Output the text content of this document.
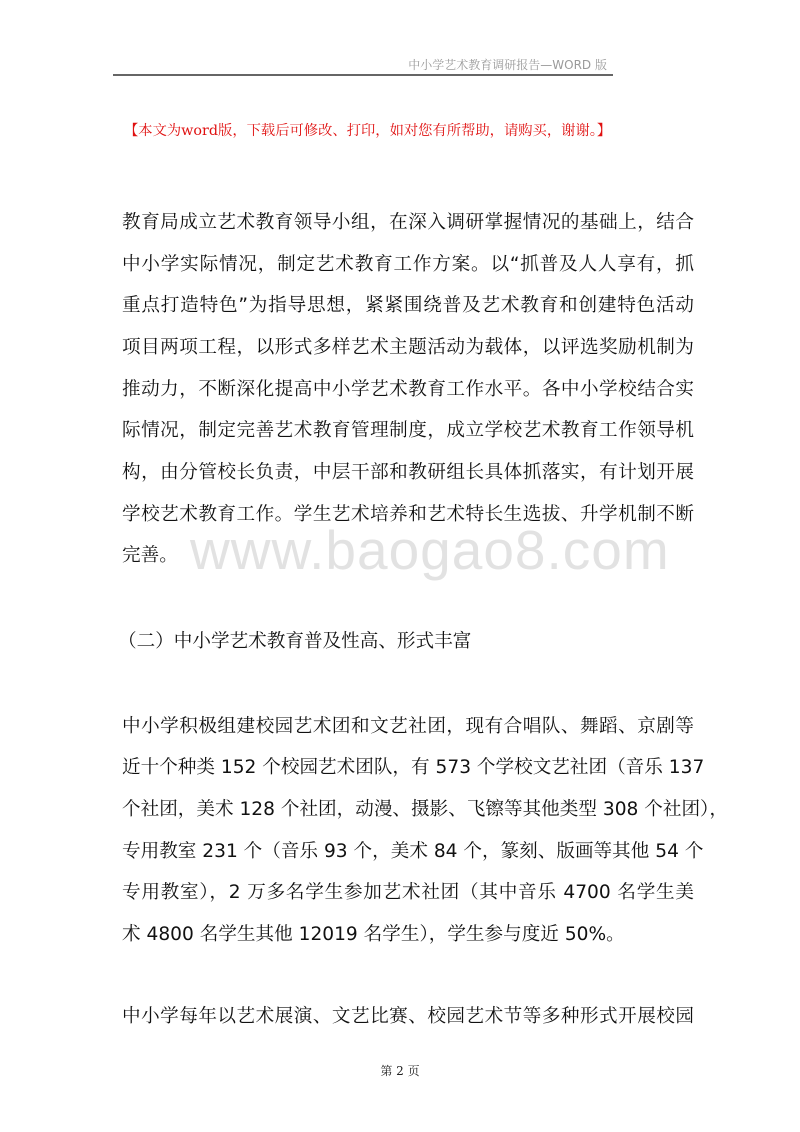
中小学艺术教育调研报告—WORD 版
【本文为word版，下载后可修改、打印，如对您有所帮助，请购买，谢谢。】
www.baogao8.com
教育局成立艺术教育领导小组，在深入调研掌握情况的基础上，结合
中小学实际情况，制定艺术教育工作方案。以“抓普及人人享有，抓
重点打造特色”为指导思想，紧紧围绕普及艺术教育和创建特色活动
项目两项工程，以形式多样艺术主题活动为载体，以评选奖励机制为
推动力，不断深化提高中小学艺术教育工作水平。各中小学校结合实
际情况，制定完善艺术教育管理制度，成立学校艺术教育工作领导机
构，由分管校长负责，中层干部和教研组长具体抓落实，有计划开展
学校艺术教育工作。学生艺术培养和艺术特长生选拔、升学机制不断
完善。
（二）中小学艺术教育普及性高、形式丰富
中小学积极组建校园艺术团和文艺社团，现有合唱队、舞蹈、京剧等
近十个种类 152 个校园艺术团队，有 573 个学校文艺社团（音乐 137
个社团，美术 128 个社团，动漫、摄影、飞镲等其他类型 308 个社团），
专用教室 231 个（音乐 93 个，美术 84 个，篆刻、版画等其他 54 个
专用教室），2 万多名学生参加艺术社团（其中音乐 4700 名学生美
术 4800 名学生其他 12019 名学生），学生参与度近 50%。
中小学每年以艺术展演、文艺比赛、校园艺术节等多种形式开展校园
第 2 页
